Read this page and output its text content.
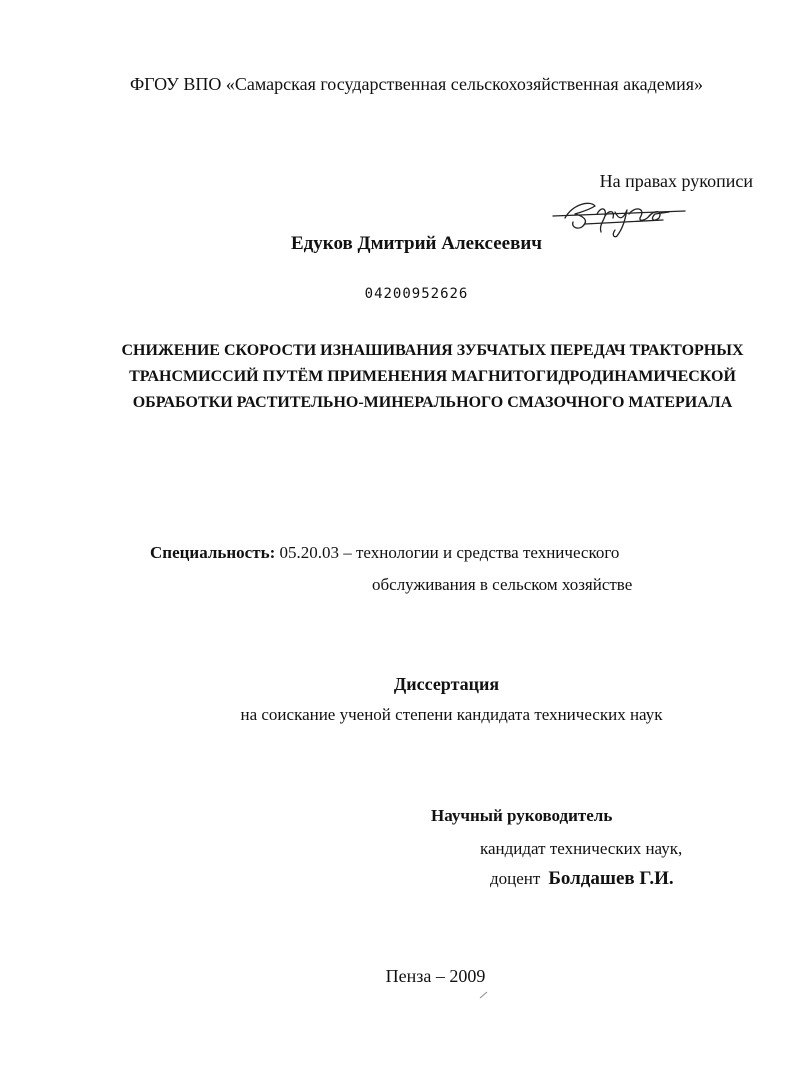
ФГОУ ВПО «Самарская государственная сельскохозяйственная академия»
На правах рукописи
Едуков Дмитрий Алексеевич
04200952626
СНИЖЕНИЕ СКОРОСТИ ИЗНАШИВАНИЯ ЗУБЧАТЫХ ПЕРЕДАЧ ТРАКТОРНЫХ
ТРАНСМИССИЙ ПУТЁМ ПРИМЕНЕНИЯ МАГНИТОГИДРОДИНАМИЧЕСКОЙ
ОБРАБОТКИ РАСТИТЕЛЬНО-МИНЕРАЛЬНОГО СМАЗОЧНОГО МАТЕРИАЛА
Специальность: 05.20.03 – технологии и средства технического
обслуживания в сельском хозяйстве
Диссертация
на соискание ученой степени кандидата технических наук
Научный руководитель
кандидат технических наук,
доцент Болдашев Г.И.
Пенза – 2009
